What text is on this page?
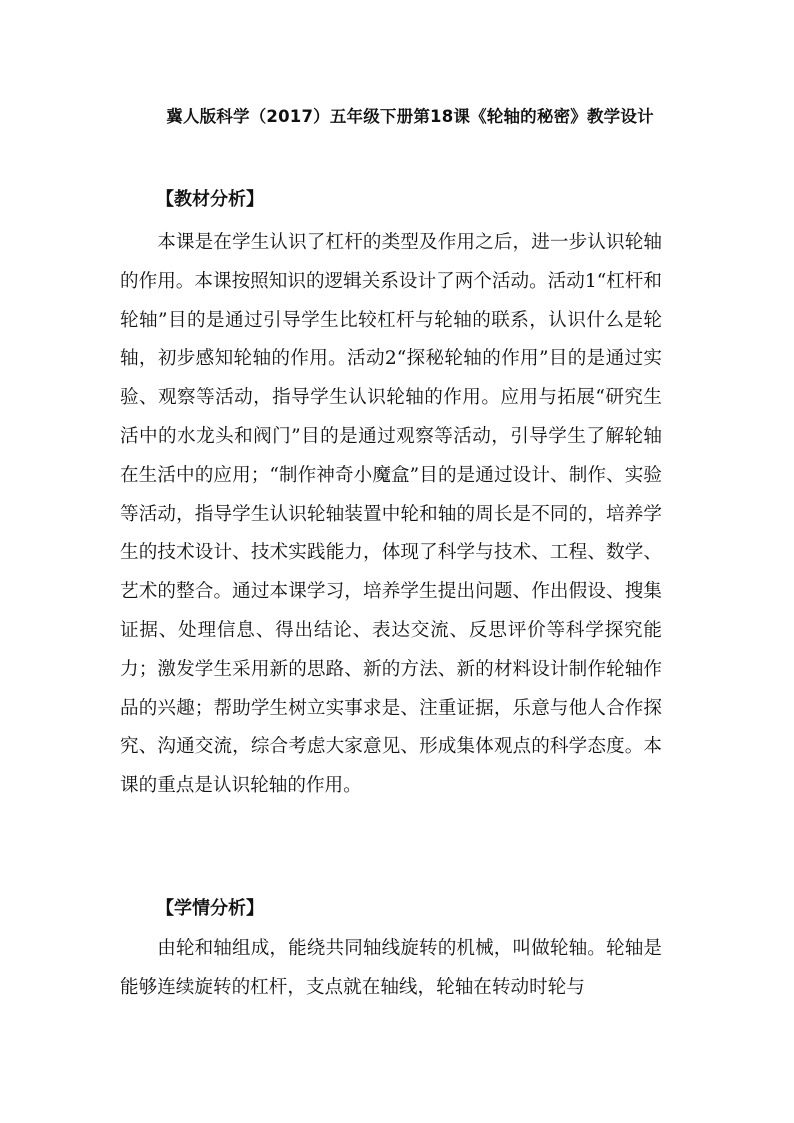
冀人版科学（2017）五年级下册第18课《轮轴的秘密》教学设计
【教材分析】

本课是在学生认识了杠杆的类型及作用之后，进一步认识轮轴的作用。本课按照知识的逻辑关系设计了两个活动。活动1“杠杆和轮轴”目的是通过引导学生比较杠杆与轮轴的联系，认识什么是轮轴，初步感知轮轴的作用。活动2“探秘轮轴的作用”目的是通过实验、观察等活动，指导学生认识轮轴的作用。应用与拓展“研究生活中的水龙头和阀门”目的是通过观察等活动，引导学生了解轮轴在生活中的应用；“制作神奇小魔盒”目的是通过设计、制作、实验等活动，指导学生认识轮轴装置中轮和轴的周长是不同的，培养学生的技术设计、技术实践能力，体现了科学与技术、工程、数学、艺术的整合。通过本课学习，培养学生提出问题、作出假设、搜集证据、处理信息、得出结论、表达交流、反思评价等科学探究能力；激发学生采用新的思路、新的方法、新的材料设计制作轮轴作品的兴趣；帮助学生树立实事求是、注重证据，乐意与他人合作探究、沟通交流，综合考虑大家意见、形成集体观点的科学态度。本课的重点是认识轮轴的作用。

【学情分析】

由轮和轴组成，能绕共同轴线旋转的机械，叫做轮轴。轮轴是能够连续旋转的杠杆，支点就在轴线，轮轴在转动时轮与
